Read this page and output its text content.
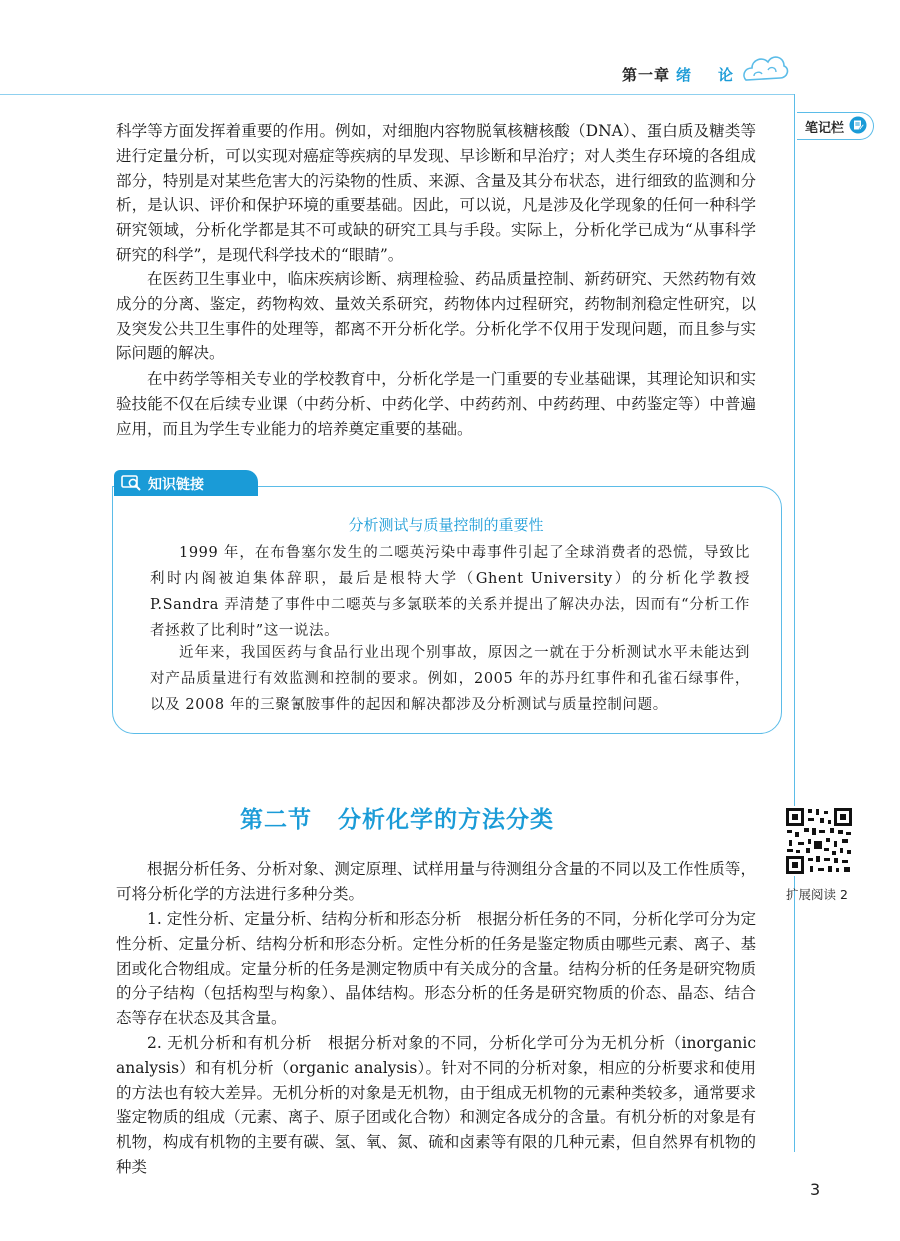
第一章 绪　论
笔记栏

科学等方面发挥着重要的作用。例如，对细胞内容物脱氧核糖核酸（DNA）、蛋白质及糖类等进行定量分析，可以实现对癌症等疾病的早发现、早诊断和早治疗；对人类生存环境的各组成部分，特别是对某些危害大的污染物的性质、来源、含量及其分布状态，进行细致的监测和分析，是认识、评价和保护环境的重要基础。因此，可以说，凡是涉及化学现象的任何一种科学研究领域，分析化学都是其不可或缺的研究工具与手段。实际上，分析化学已成为“从事科学研究的科学”，是现代科学技术的“眼睛”。

在医药卫生事业中，临床疾病诊断、病理检验、药品质量控制、新药研究、天然药物有效成分的分离、鉴定，药物构效、量效关系研究，药物体内过程研究，药物制剂稳定性研究，以及突发公共卫生事件的处理等，都离不开分析化学。分析化学不仅用于发现问题，而且参与实际问题的解决。

在中药学等相关专业的学校教育中，分析化学是一门重要的专业基础课，其理论知识和实验技能不仅在后续专业课（中药分析、中药化学、中药药剂、中药药理、中药鉴定等）中普遍应用，而且为学生专业能力的培养奠定重要的基础。

知识链接
分析测试与质量控制的重要性

1999 年，在布鲁塞尔发生的二噁英污染中毒事件引起了全球消费者的恐慌，导致比利时内阁被迫集体辞职，最后是根特大学（Ghent University）的分析化学教授 P.Sandra 弄清楚了事件中二噁英与多氯联苯的关系并提出了解决办法，因而有“分析工作者拯救了比利时”这一说法。

近年来，我国医药与食品行业出现个别事故，原因之一就在于分析测试水平未能达到对产品质量进行有效监测和控制的要求。例如，2005 年的苏丹红事件和孔雀石绿事件，以及 2008 年的三聚氰胺事件的起因和解决都涉及分析测试与质量控制问题。

第二节 分析化学的方法分类
扩展阅读 2

根据分析任务、分析对象、测定原理、试样用量与待测组分含量的不同以及工作性质等，可将分析化学的方法进行多种分类。

1. 定性分析、定量分析、结构分析和形态分析　 根据分析任务的不同，分析化学可分为定性分析、定量分析、结构分析和形态分析。定性分析的任务是鉴定物质由哪些元素、离子、基团或化合物组成。定量分析的任务是测定物质中有关成分的含量。结构分析的任务是研究物质的分子结构（包括构型与构象）、晶体结构。形态分析的任务是研究物质的价态、晶态、结合态等存在状态及其含量。

2. 无机分析和有机分析　 根据分析对象的不同，分析化学可分为无机分析（inorganic analysis）和有机分析（organic analysis）。针对不同的分析对象，相应的分析要求和使用的方法也有较大差异。无机分析的对象是无机物，由于组成无机物的元素种类较多，通常要求鉴定物质的组成（元素、离子、原子团或化合物）和测定各成分的含量。有机分析的对象是有机物，构成有机物的主要有碳、氢、氧、氮、硫和卤素等有限的几种元素，但自然界有机物的种类

3
